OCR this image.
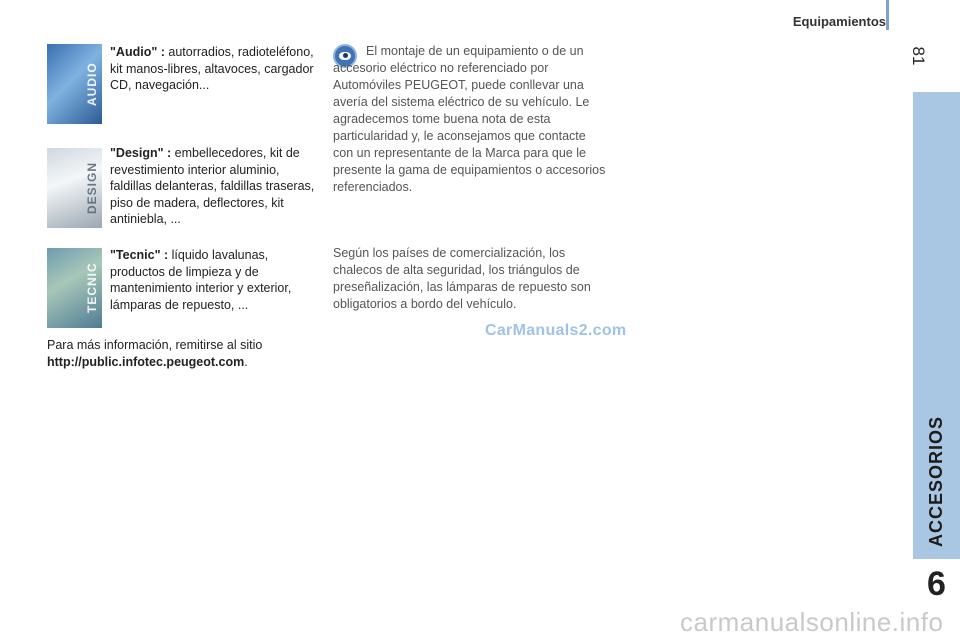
Equipamientos
81
ACCESORIOS
6
AUDIO
DESIGN
TECNIC
"Audio" : autorradios, radioteléfono, kit manos-libres, altavoces, cargador CD, navegación...
"Design" : embellecedores, kit de revestimiento interior aluminio, faldillas delanteras, faldillas traseras, piso de madera, deflectores, kit antiniebla, ...
"Tecnic" : líquido lavalunas, productos de limpieza y de mantenimiento interior y exterior, lámparas de repuesto, ...
Para más información, remitirse al sitio
http://public.infotec.peugeot.com.
El montaje de un equipamiento o de un accesorio eléctrico no referenciado por Automóviles PEUGEOT, puede conllevar una avería del sistema eléctrico de su vehículo. Le agradecemos tome buena nota de esta particularidad y, le aconsejamos que contacte con un representante de la Marca para que le presente la gama de equipamientos o accesorios referenciados.
Según los países de comercialización, los chalecos de alta seguridad, los triángulos de preseñalización, las lámparas de repuesto son obligatorios a bordo del vehículo.
CarManuals2.com
carmanualsonline.info
